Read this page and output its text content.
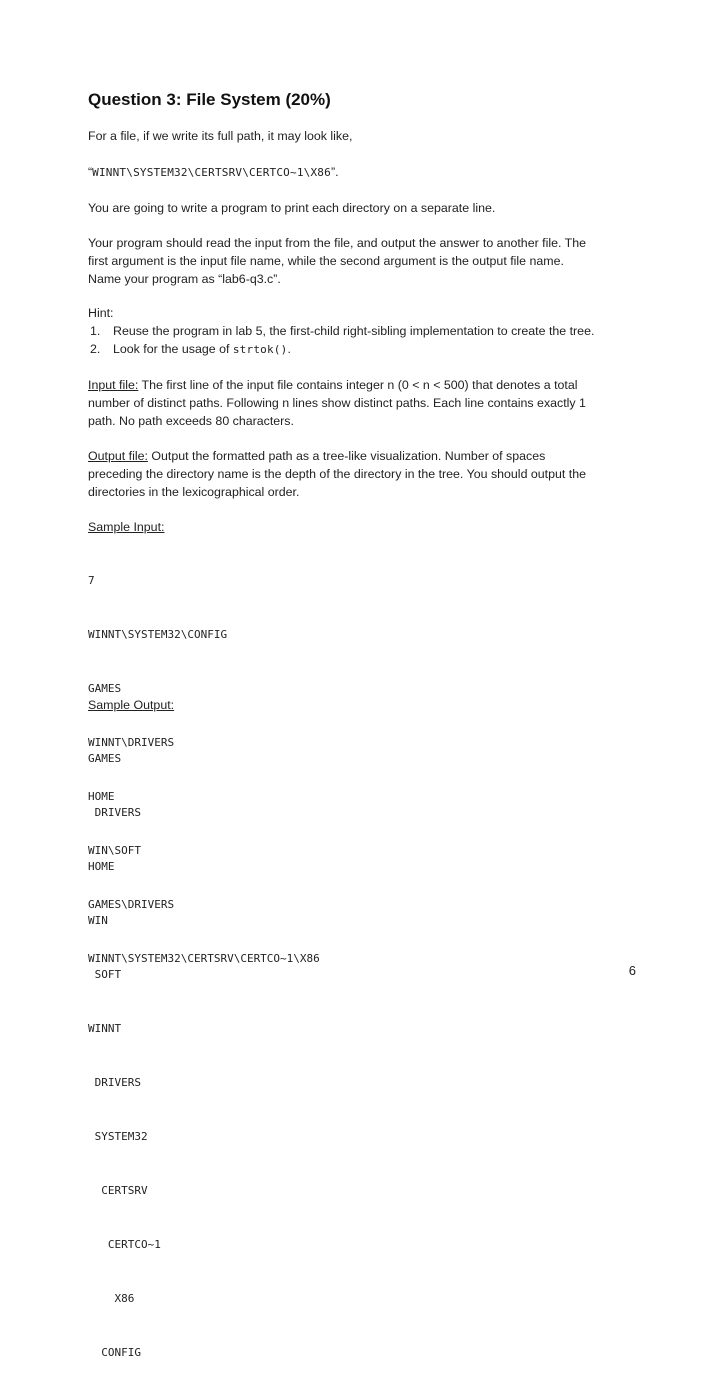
Question 3: File System (20%)
For a file, if we write its full path, it may look like,
“WINNT\SYSTEM32\CERTSRV\CERTCO~1\X86”.
You are going to write a program to print each directory on a separate line.
Your program should read the input from the file, and output the answer to another file. The
first argument is the input file name, while the second argument is the output file name.
Name your program as “lab6-q3.c”.
Hint:
1. Reuse the program in lab 5, the first-child right-sibling implementation to create the tree.
2. Look for the usage of strtok().
Input file: The first line of the input file contains integer n (0 < n < 500) that denotes a total
number of distinct paths. Following n lines show distinct paths. Each line contains exactly 1
path. No path exceeds 80 characters.
Output file: Output the formatted path as a tree-like visualization. Number of spaces
preceding the directory name is the depth of the directory in the tree. You should output the
directories in the lexicographical order.
Sample Input:

7

WINNT\SYSTEM32\CONFIG

GAMES

WINNT\DRIVERS

HOME

WIN\SOFT

GAMES\DRIVERS

WINNT\SYSTEM32\CERTSRV\CERTCO~1\X86

Sample Output:

GAMES

DRIVERS

HOME

WIN

SOFT

WINNT

DRIVERS

SYSTEM32

CERTSRV

CERTCO~1

X86

CONFIG

6
